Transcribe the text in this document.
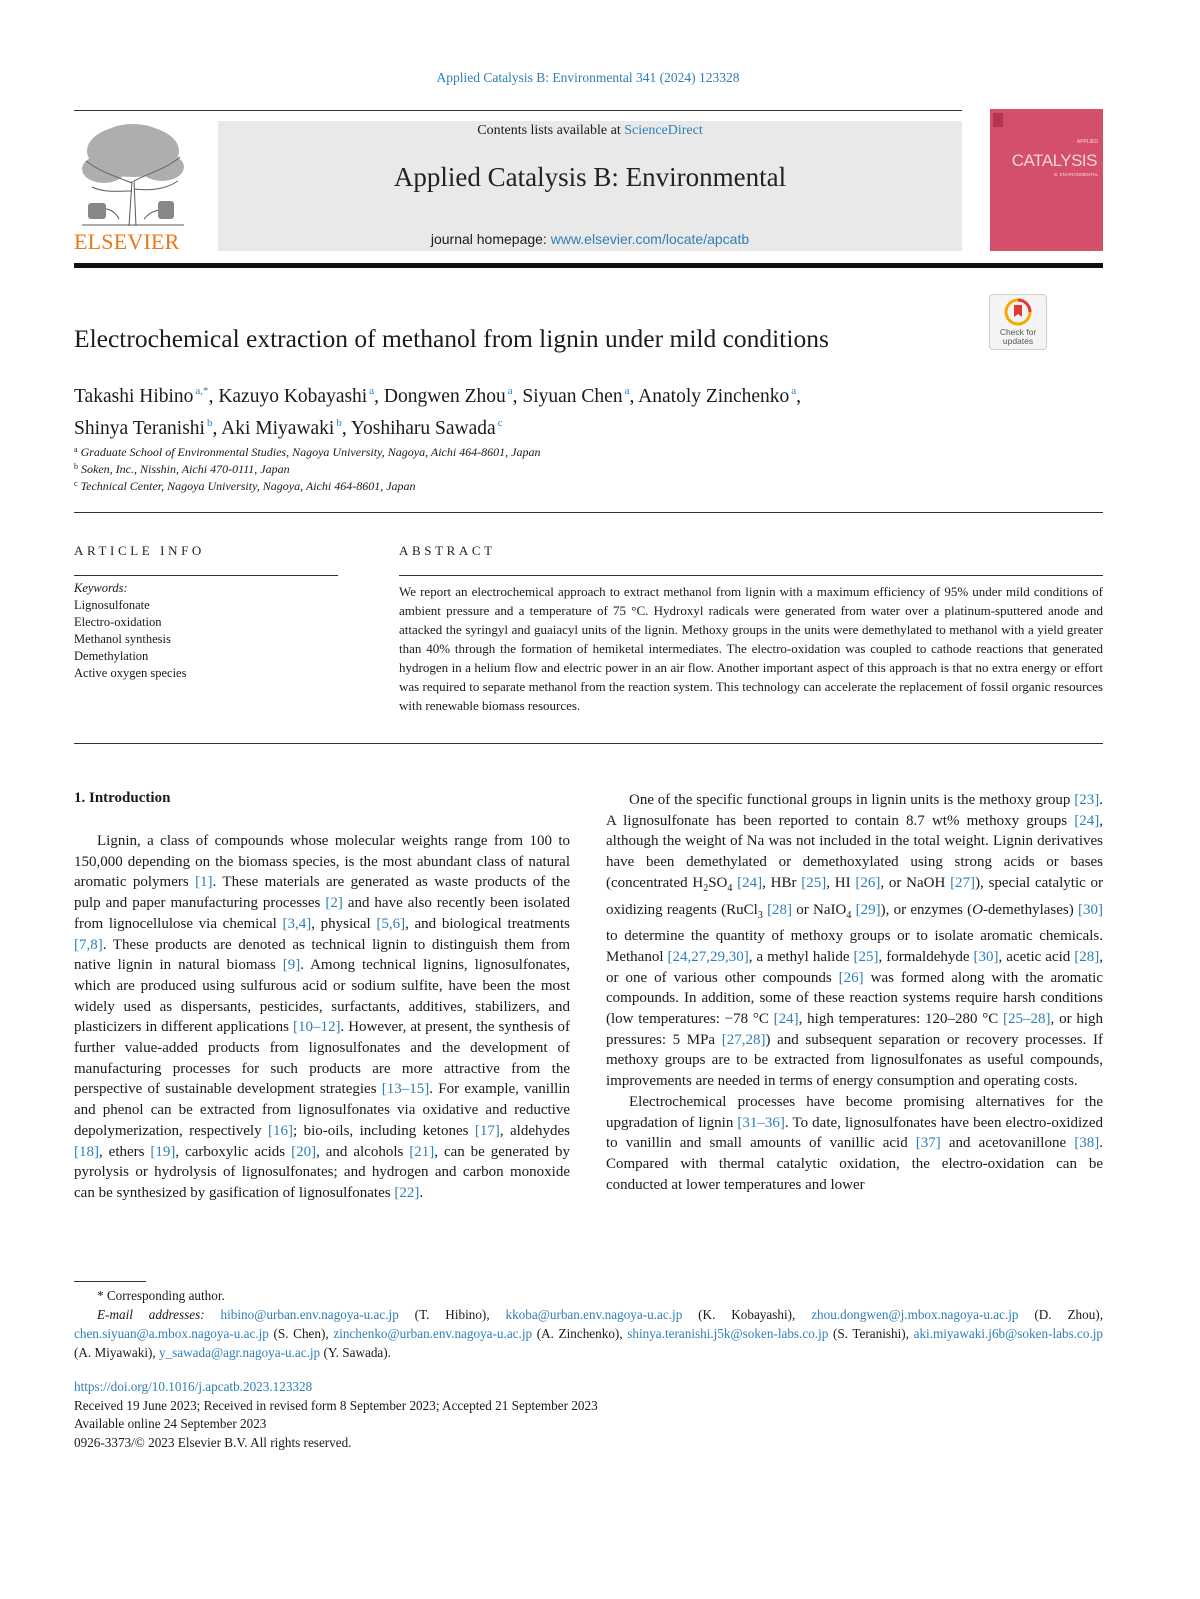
Applied Catalysis B: Environmental 341 (2024) 123328
ELSEVIER
Contents lists available at ScienceDirect
Applied Catalysis B: Environmental
journal homepage: www.elsevier.com/locate/apcatb
APPLIED
CATALYSIS
B: ENVIRONMENTAL
Check for
updates
Electrochemical extraction of methanol from lignin under mild conditions
Takashi Hibino $^{a,*}$, Kazuyo Kobayashi $^a$, Dongwen Zhou $^a$, Siyuan Chen $^a$, Anatoly Zinchenko $^a$,
Shinya Teranishi $^b$, Aki Miyawaki $^b$, Yoshiharu Sawada $^c$
$^a$ Graduate School of Environmental Studies, Nagoya University, Nagoya, Aichi 464-8601, Japan
$^b$ Soken, Inc., Nisshin, Aichi 470-0111, Japan
$^c$ Technical Center, Nagoya University, Nagoya, Aichi 464-8601, Japan
ARTICLE INFO
Keywords:
Lignosulfonate
Electro-oxidation
Methanol synthesis
Demethylation
Active oxygen species
ABSTRACT
We report an electrochemical approach to extract methanol from lignin with a maximum efficiency of 95% under mild conditions of ambient pressure and a temperature of 75 °C. Hydroxyl radicals were generated from water over a platinum-sputtered anode and attacked the syringyl and guaiacyl units of the lignin. Methoxy groups in the units were demethylated to methanol with a yield greater than 40% through the formation of hemiketal intermediates. The electro-oxidation was coupled to cathode reactions that generated hydrogen in a helium flow and electric power in an air flow. Another important aspect of this approach is that no extra energy or effort was required to separate methanol from the reaction system. This technology can accelerate the replacement of fossil organic resources with renewable biomass resources.
1. Introduction

Lignin, a class of compounds whose molecular weights range from 100 to 150,000 depending on the biomass species, is the most abundant class of natural aromatic polymers [1]. These materials are generated as waste products of the pulp and paper manufacturing processes [2] and have also recently been isolated from lignocellulose via chemical [3,4], physical [5,6], and biological treatments [7,8]. These products are denoted as technical lignin to distinguish them from native lignin in natural biomass [9]. Among technical lignins, lignosulfonates, which are produced using sulfurous acid or sodium sulfite, have been the most widely used as dispersants, pesticides, surfactants, additives, stabilizers, and plasticizers in different applications [10–12]. However, at present, the synthesis of further value-added products from lignosulfonates and the development of manufacturing processes for such products are more attractive from the perspective of sustainable development strategies [13–15]. For example, vanillin and phenol can be extracted from lignosulfonates via oxidative and reductive depolymerization, respectively [16]; bio-oils, including ketones [17], aldehydes [18], ethers [19], carboxylic acids [20], and alcohols [21], can be generated by pyrolysis or hydrolysis of lignosulfonates; and hydrogen and carbon monoxide can be synthesized by gasification of lignosulfonates [22].

One of the specific functional groups in lignin units is the methoxy group [23]. A lignosulfonate has been reported to contain 8.7 wt% methoxy groups [24], although the weight of Na was not included in the total weight. Lignin derivatives have been demethylated or demethoxylated using strong acids or bases (concentrated $H_2SO_4$ [24], HBr [25], HI [26], or NaOH [27]), special catalytic or oxidizing reagents (RuCl$_3$ [28] or NaIO$_4$ [29]), or enzymes (O-demethylases) [30] to determine the quantity of methoxy groups or to isolate aromatic chemicals. Methanol [24,27,29,30], a methyl halide [25], formaldehyde [30], acetic acid [28], or one of various other compounds [26] was formed along with the aromatic compounds. In addition, some of these reaction systems require harsh conditions (low temperatures: −78 °C [24], high temperatures: 120–280 °C [25–28], or high pressures: 5 MPa [27,28]) and subsequent separation or recovery processes. If methoxy groups are to be extracted from lignosulfonates as useful compounds, improvements are needed in terms of energy consumption and operating costs.

Electrochemical processes have become promising alternatives for the upgradation of lignin [31–36]. To date, lignosulfonates have been electro-oxidized to vanillin and small amounts of vanillic acid [37] and acetovanillone [38]. Compared with thermal catalytic oxidation, the electro-oxidation can be conducted at lower temperatures and lower

* Corresponding author.
E-mail addresses: hibino@urban.env.nagoya-u.ac.jp (T. Hibino), kkoba@urban.env.nagoya-u.ac.jp (K. Kobayashi), zhou.dongwen@j.mbox.nagoya-u.ac.jp (D. Zhou), chen.siyuan@a.mbox.nagoya-u.ac.jp (S. Chen), zinchenko@urban.env.nagoya-u.ac.jp (A. Zinchenko), shinya.teranishi.j5k@soken-labs.co.jp (S. Teranishi), aki.miyawaki.j6b@soken-labs.co.jp (A. Miyawaki), y_sawada@agr.nagoya-u.ac.jp (Y. Sawada).
https://doi.org/10.1016/j.apcatb.2023.123328
Received 19 June 2023; Received in revised form 8 September 2023; Accepted 21 September 2023
Available online 24 September 2023
0926-3373/© 2023 Elsevier B.V. All rights reserved.
